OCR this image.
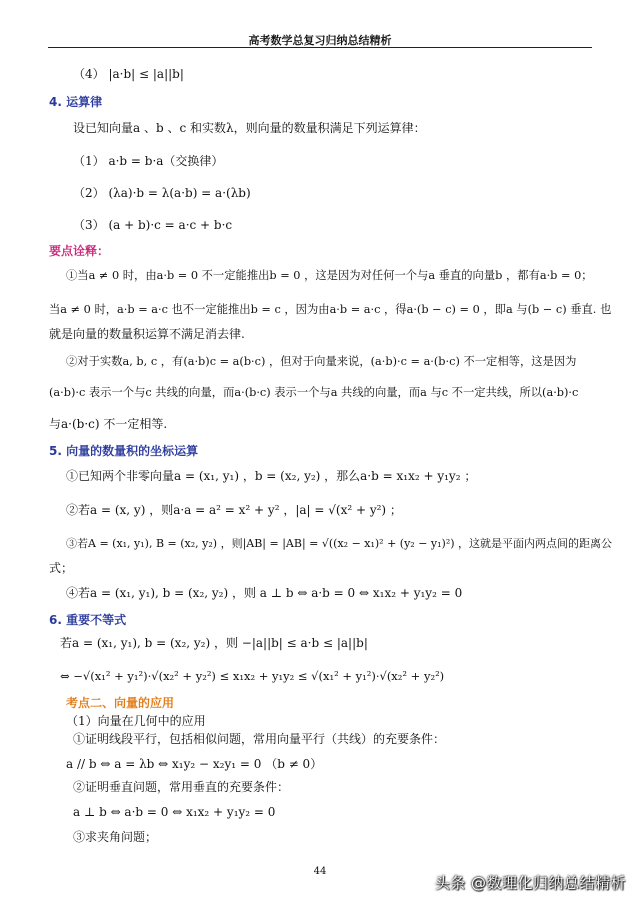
高考数学总复习归纳总结精析
（4） |a·b| ≤ |a||b|
4. 运算律
设已知向量a 、b 、c 和实数λ，则向量的数量积满足下列运算律：
（1） a·b = b·a（交换律）
（2） (λa)·b = λ(a·b) = a·(λb)
（3） (a + b)·c = a·c + b·c
要点诠释：
①当a ≠ 0 时，由a·b = 0 不一定能推出b = 0 ，这是因为对任何一个与a 垂直的向量b ，都有a·b = 0；
当a ≠ 0 时，a·b = a·c 也不一定能推出b = c ，因为由a·b = a·c ，得a·(b − c) = 0 ，即a 与(b − c) 垂直. 也
就是向量的数量积运算不满足消去律.
②对于实数a, b, c ，有(a·b)c = a(b·c) ，但对于向量来说，(a·b)·c = a·(b·c) 不一定相等，这是因为
(a·b)·c 表示一个与c 共线的向量，而a·(b·c) 表示一个与a 共线的向量，而a 与c 不一定共线，所以(a·b)·c
与a·(b·c) 不一定相等.
5. 向量的数量积的坐标运算
①已知两个非零向量a = (x₁, y₁) ，b = (x₂, y₂) ，那么a·b = x₁x₂ + y₁y₂ ；
②若a = (x, y) ，则a·a = a² = x² + y² ，|a| = √(x² + y²) ；
③若A = (x₁, y₁), B = (x₂, y₂) ，则|AB| = |AB| = √((x₂ − x₁)² + (y₂ − y₁)²) ，这就是平面内两点间的距离公
式；
④若a = (x₁, y₁), b = (x₂, y₂) ，则 a ⊥ b ⇔ a·b = 0 ⇔ x₁x₂ + y₁y₂ = 0
6. 重要不等式
若a = (x₁, y₁), b = (x₂, y₂) ，则 −|a||b| ≤ a·b ≤ |a||b|
⇔ −√(x₁² + y₁²)·√(x₂² + y₂²) ≤ x₁x₂ + y₁y₂ ≤ √(x₁² + y₁²)·√(x₂² + y₂²)
考点二、向量的应用
（1）向量在几何中的应用
①证明线段平行，包括相似问题，常用向量平行（共线）的充要条件：
a // b ⇔ a = λb ⇔ x₁y₂ − x₂y₁ = 0 （b ≠ 0）
②证明垂直问题，常用垂直的充要条件：
a ⊥ b ⇔ a·b = 0 ⇔ x₁x₂ + y₁y₂ = 0
③求夹角问题；
44
头条 @数理化归纳总结精析
